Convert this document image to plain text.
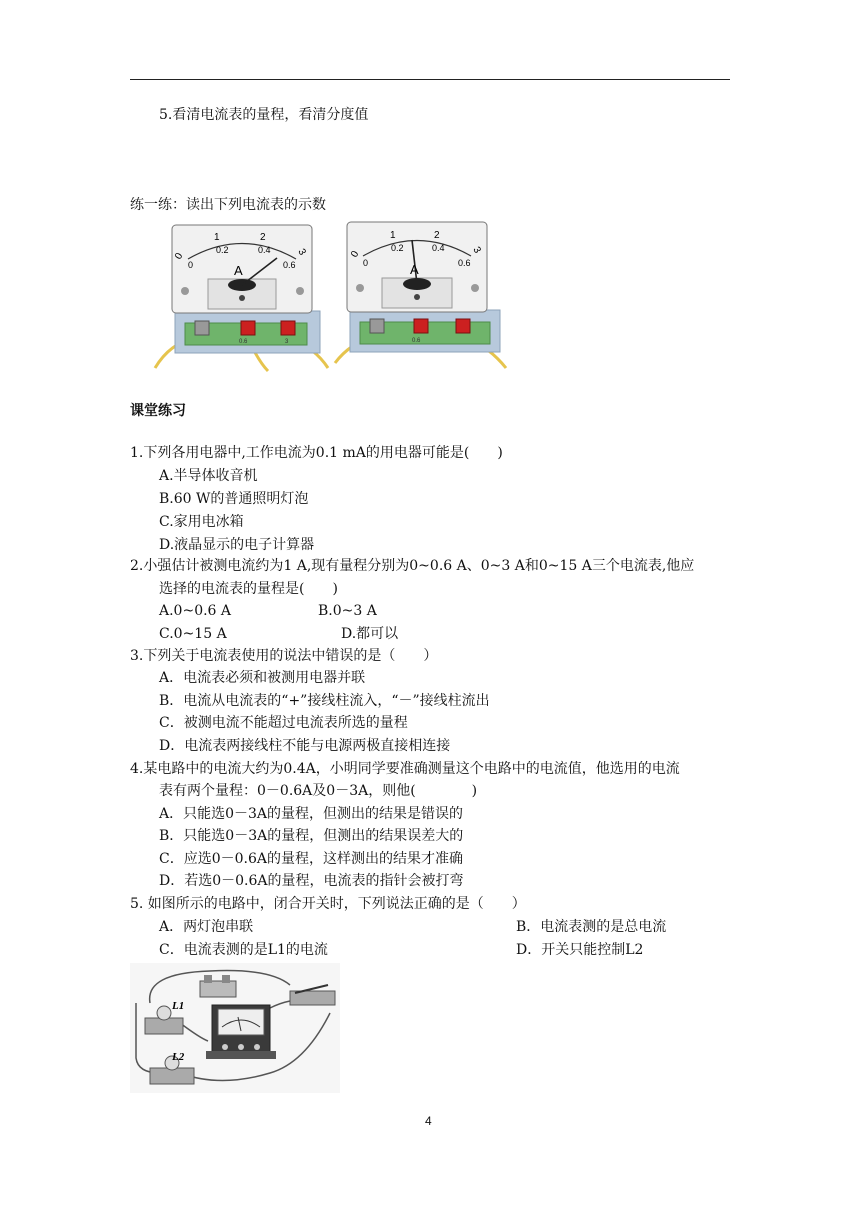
5.看清电流表的量程，看清分度值
练一练：读出下列电流表的示数
0
1	2
3
0
0.2	0.4
0.6
A
0.6	3
0
1	2
3
0
0.2	0.4
0.6
A
0.6
课堂练习
1.下列各用电器中,工作电流为0.1 mA的用电器可能是(　　)
A.半导体收音机
B.60 W的普通照明灯泡
C.家用电冰箱
D.液晶显示的电子计算器
2.小强估计被测电流约为1 A,现有量程分别为0~0.6 A、0~3 A和0~15 A三个电流表,他应
选择的电流表的量程是(　　)
A.0~0.6 A	B.0~3 A
C.0~15 A	D.都可以
3.下列关于电流表使用的说法中错误的是（　　）
A．电流表必须和被测用电器并联
B．电流从电流表的“+”接线柱流入，“－”接线柱流出
C．被测电流不能超过电流表所选的量程
D．电流表两接线柱不能与电源两极直接相连接
4.某电路中的电流大约为0.4A，小明同学要准确测量这个电路中的电流值，他选用的电流
表有两个量程：0－0.6A及0－3A，则他(　　　　)
A．只能选0－3A的量程，但测出的结果是错误的
B．只能选0－3A的量程，但测出的结果误差大的
C．应选0－0.6A的量程，这样测出的结果才准确
D．若选0－0.6A的量程，电流表的指针会被打弯
5. 如图所示的电路中，闭合开关时，下列说法正确的是（　　）
A．两灯泡串联	B．电流表测的是总电流
C．电流表测的是L1的电流	D．开关只能控制L2
L1
L2
4
